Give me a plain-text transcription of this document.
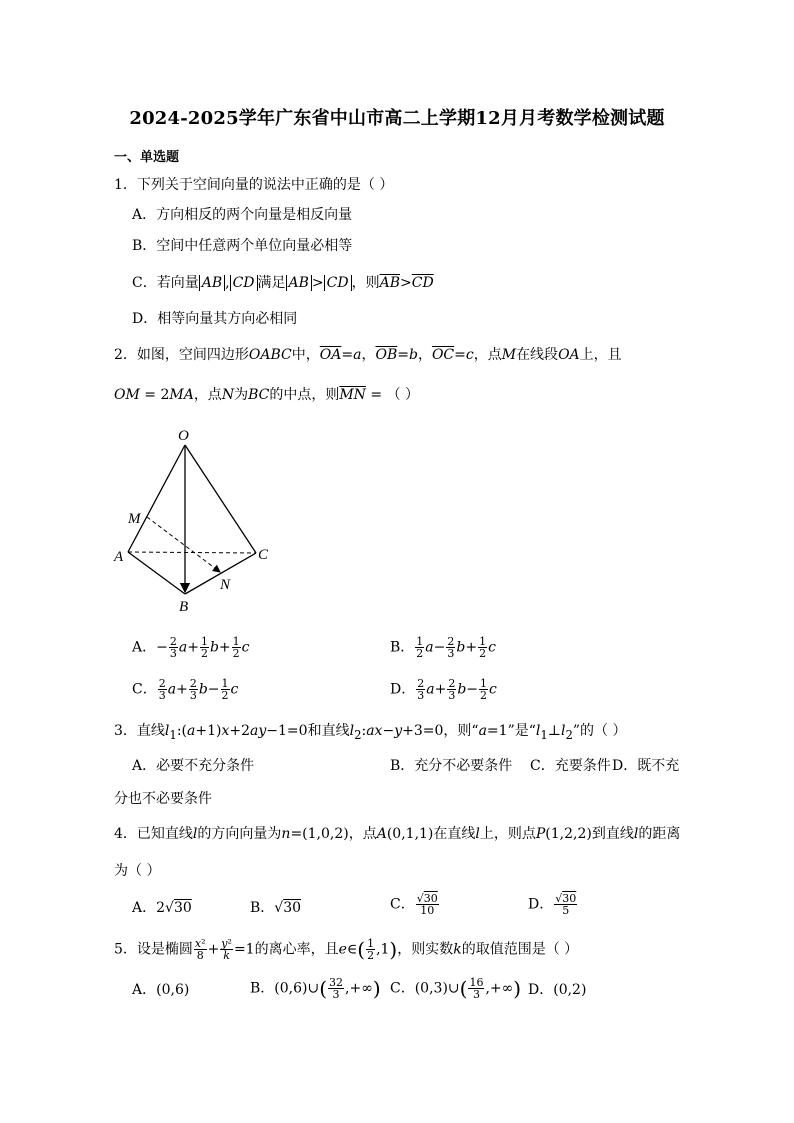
2024-2025学年广东省中山市高二上学期12月月考数学检测试题
一、单选题
1．下列关于空间向量的说法中正确的是（ ）
A．方向相反的两个向量是相反向量
B．空间中任意两个单位向量必相等
C．若向量 AB , CD 满足 AB > CD ，则$\overline{AB}>\overline{CD}$
D．相等向量其方向必相同
2．如图，空间四边形OABC中，$\overline{OA}=a$，$\overline{OB}=b$，$\overline{OC}=c$，点M在线段OA上，且
OM = 2MA，点N为BC的中点，则$\overline{MN}$ = （ ）
O
M
A	C
N
B
A．− $\frac{2}{3} a+ \frac{1}{2} b+ \frac{1}{2}$ c	B． $\frac{1}{2} a- \frac{2}{3} b+ \frac{1}{2}$ c
C． $\frac{2}{3} a+ \frac{2}{3} b- \frac{1}{2}$ c	D． $\frac{2}{3} a+ \frac{2}{3} b- \frac{1}{2}$ c
3．直线$l_1:(a+1)x+2ay-1=0$和直线$l_2:ax-y+3=0$，则“a=1”是“$l_1\perp l_2$”的（ ）
A．必要不充分条件	B．充分不必要条件 C．充要条件 D．既不充
分也不必要条件
4．已知直线l的方向向量为n=(1,0,2)，点A(0,1,1)在直线l上，则点P(1,2,2)到直线l的距离
为（ ）
A．2√30	B．√30	C． $\frac{√30}{10}$	D． $\frac{√30}{5}$
5．设是椭圆 $\frac{\text{x²}}{8} + \frac{\text{y²}}{k} =1$的离心率，且e∈( $\frac{1}{2} ,1$)，则实数k的取值范围是（ ）
A．(0,6)	B．(0,6)∪( $\frac{32}{3}$ ,+∞) C．(0,3)∪( $\frac{16}{3}$ ,+∞) D．(0,2)
